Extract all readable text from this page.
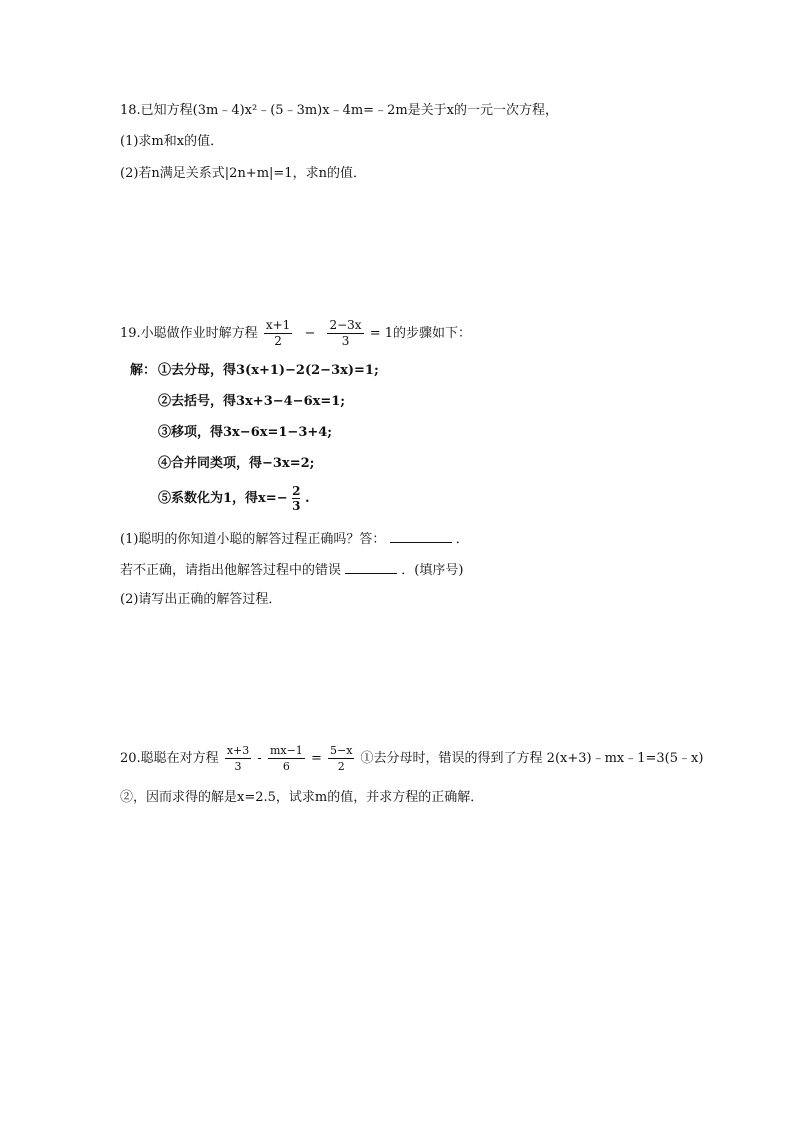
18.已知方程(3m﹣4)x²﹣(5﹣3m)x﹣4m=﹣2m是关于x的一元一次方程，
(1)求m和x的值．
(2)若n满足关系式|2n+m|=1，求n的值．
19.小聪做作业时解方程 $\frac{x+1}{2} - \frac{2-3x}{3} = 1$的步骤如下：
解： ①去分母，得3(x+1)−2(2−3x)=1;
②去括号，得3x+3−4−6x=1;
③移项，得3x−6x=1−3+4;
④合并同类项，得−3x=2;
⑤系数化为1，得$x=- \frac{2}{3}$ .
(1)聪明的你知道小聪的解答过程正确吗？答：	．
若不正确，请指出他解答过程中的错误	．(填序号)
(2)请写出正确的解答过程．
20.聪聪在对方程 $\frac{x+3}{3} - \frac{mx-1}{6} = \frac{5-x}{2}$ ①去分母时，错误的得到了方程 2(x+3)﹣mx﹣1=3(5﹣x)
②，因而求得的解是x=2.5，试求m的值，并求方程的正确解．
